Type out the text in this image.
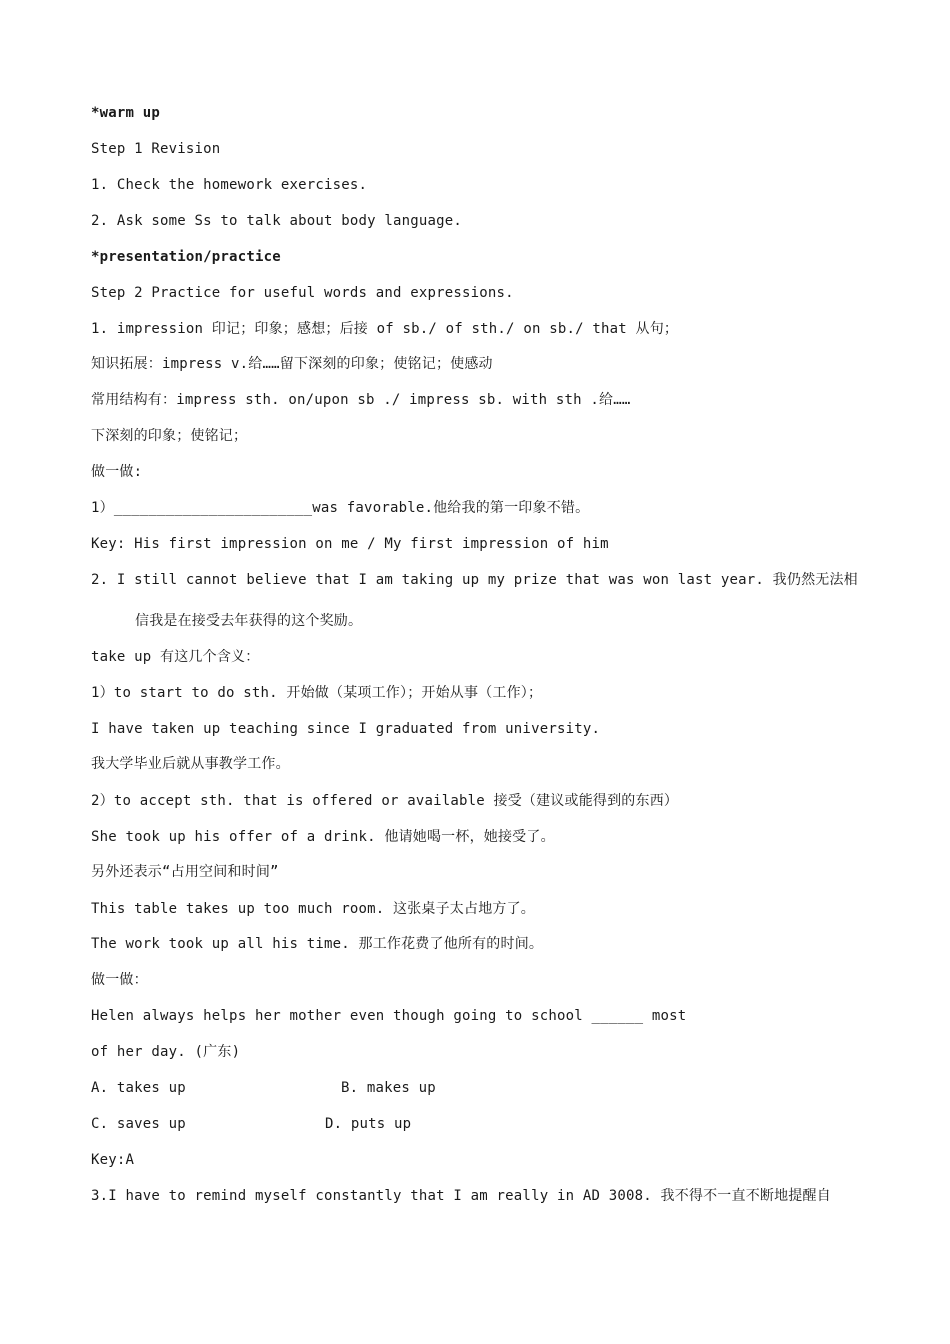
*warm up
Step 1 Revision
1. Check the homework exercises.
2. Ask some Ss to talk about body language.
*presentation/practice
Step 2 Practice for useful words and expressions.
1. impression 印记；印象；感想；后接 of sb./ of sth./ on sb./ that 从句；
知识拓展：impress v.给……留下深刻的印象；使铭记；使感动
常用结构有：impress sth. on/upon sb ./ impress sb. with sth .给……
下深刻的印象；使铭记；
做一做:
1）_______________________was favorable.他给我的第一印象不错。
Key: His first impression on me / My first impression of him
2. I still cannot believe that I am taking up my prize that was won last year. 我仍然无法相
信我是在接受去年获得的这个奖励。
take up 有这几个含义：
1）to start to do sth. 开始做（某项工作）；开始从事（工作）；
I have taken up teaching since I graduated from university.
我大学毕业后就从事教学工作。
2）to accept sth. that is offered or available 接受（建议或能得到的东西）
She took up his offer of a drink. 他请她喝一杯，她接受了。
另外还表示“占用空间和时间”
This table takes up too much room. 这张桌子太占地方了。
The work took up all his time. 那工作花费了他所有的时间。
做一做：
Helen always helps her mother even though going to school ______ most
of her day. (广东)
A. takes up	B. makes up
C. saves up	D. puts up
Key:A
3.I have to remind myself constantly that I am really in AD 3008. 我不得不一直不断地提醒自
